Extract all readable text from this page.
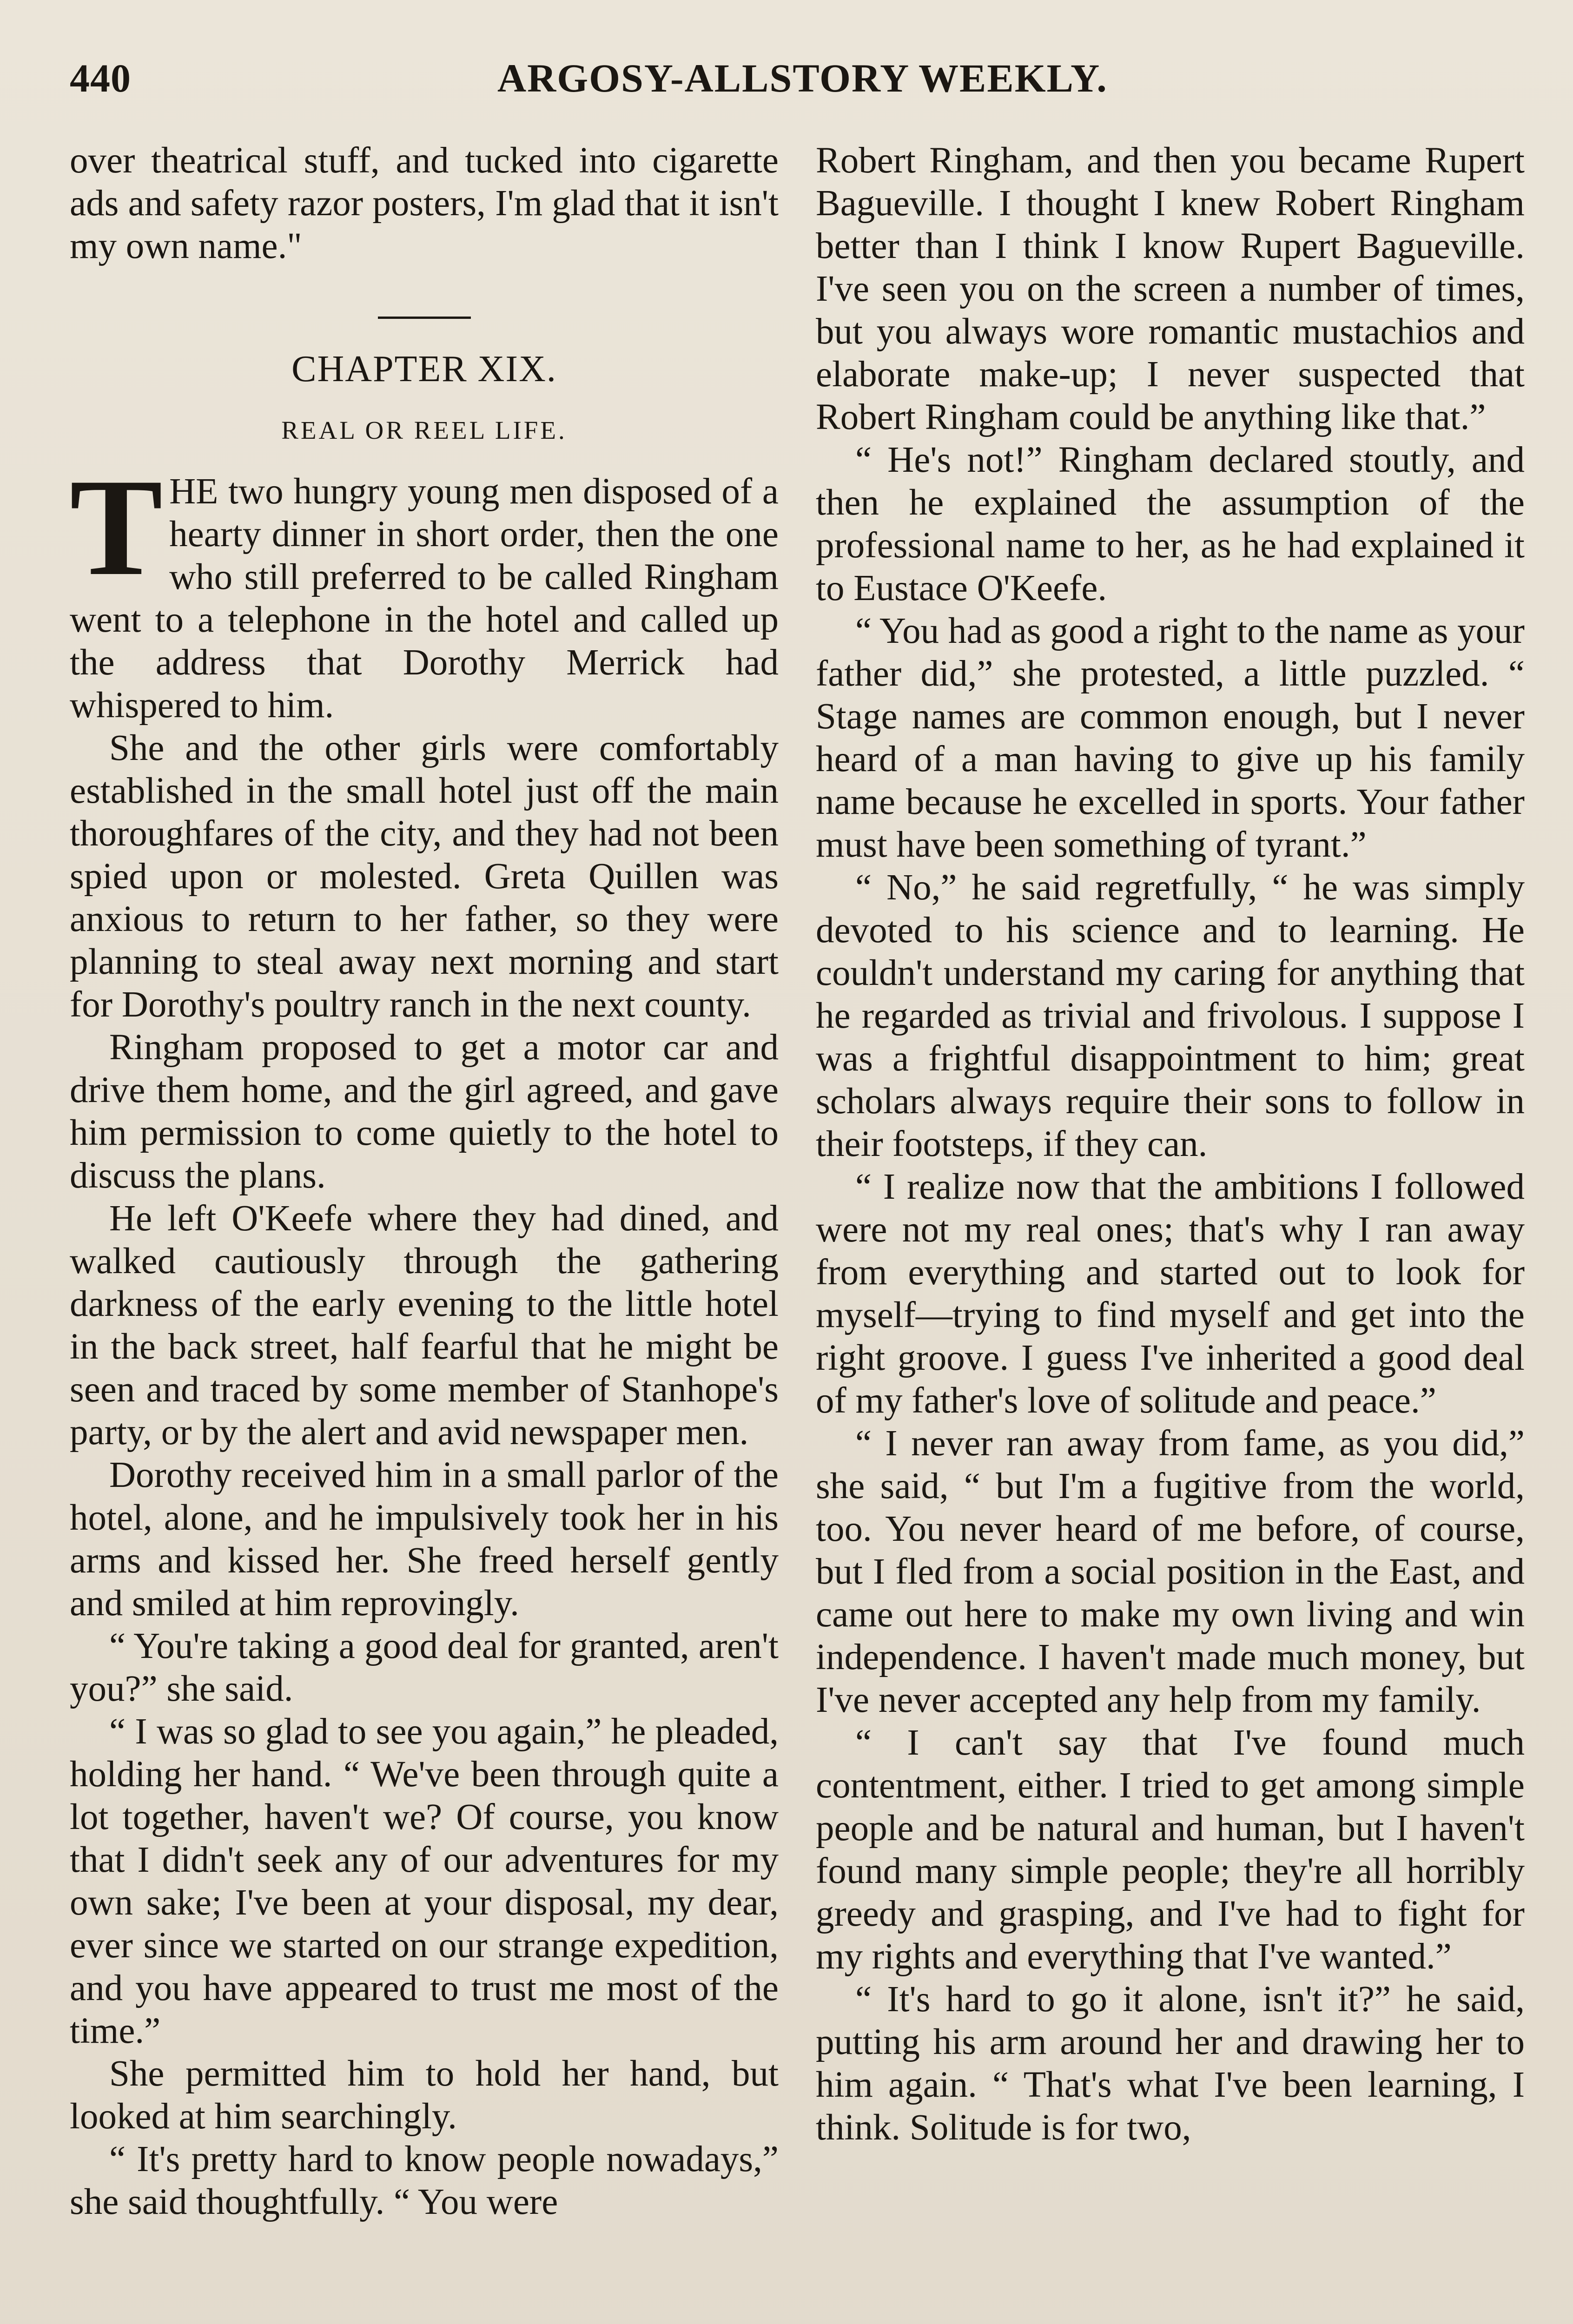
440	ARGOSY-ALLSTORY WEEKLY.

over theatrical stuff, and tucked into cigarette ads and safety razor posters, I'm glad that it isn't my own name."

CHAPTER XIX.
REAL OR REEL LIFE.

THE two hungry young men disposed of a hearty dinner in short order, then the one who still preferred to be called Ringham went to a telephone in the hotel and called up the address that Dorothy Merrick had whispered to him.

She and the other girls were comfortably established in the small hotel just off the main thoroughfares of the city, and they had not been spied upon or molested. Greta Quillen was anxious to return to her father, so they were planning to steal away next morning and start for Dorothy's poultry ranch in the next county.

Ringham proposed to get a motor car and drive them home, and the girl agreed, and gave him permission to come quietly to the hotel to discuss the plans.

He left O'Keefe where they had dined, and walked cautiously through the gathering darkness of the early evening to the little hotel in the back street, half fearful that he might be seen and traced by some member of Stanhope's party, or by the alert and avid newspaper men.

Dorothy received him in a small parlor of the hotel, alone, and he impulsively took her in his arms and kissed her. She freed herself gently and smiled at him reprovingly.

“ You're taking a good deal for granted, aren't you?” she said.

“ I was so glad to see you again,” he pleaded, holding her hand. “ We've been through quite a lot together, haven't we? Of course, you know that I didn't seek any of our adventures for my own sake; I've been at your disposal, my dear, ever since we started on our strange expedition, and you have appeared to trust me most of the time.”

She permitted him to hold her hand, but looked at him searchingly.

“ It's pretty hard to know people nowadays,” she said thoughtfully. “ You were

Robert Ringham, and then you became Rupert Bagueville. I thought I knew Robert Ringham better than I think I know Rupert Bagueville. I've seen you on the screen a number of times, but you always wore romantic mustachios and elaborate make-up; I never suspected that Robert Ringham could be anything like that.”

“ He's not!” Ringham declared stoutly, and then he explained the assumption of the professional name to her, as he had explained it to Eustace O'Keefe.

“ You had as good a right to the name as your father did,” she protested, a little puzzled. “ Stage names are common enough, but I never heard of a man having to give up his family name because he excelled in sports. Your father must have been something of tyrant.”

“ No,” he said regretfully, “ he was simply devoted to his science and to learning. He couldn't understand my caring for anything that he regarded as trivial and frivolous. I suppose I was a frightful disappointment to him; great scholars always require their sons to follow in their footsteps, if they can.

“ I realize now that the ambitions I followed were not my real ones; that's why I ran away from everything and started out to look for myself—trying to find myself and get into the right groove. I guess I've inherited a good deal of my father's love of solitude and peace.”

“ I never ran away from fame, as you did,” she said, “ but I'm a fugitive from the world, too. You never heard of me before, of course, but I fled from a social position in the East, and came out here to make my own living and win independence. I haven't made much money, but I've never accepted any help from my family.

“ I can't say that I've found much contentment, either. I tried to get among simple people and be natural and human, but I haven't found many simple people; they're all horribly greedy and grasping, and I've had to fight for my rights and everything that I've wanted.”

“ It's hard to go it alone, isn't it?” he said, putting his arm around her and drawing her to him again. “ That's what I've been learning, I think. Solitude is for two,
